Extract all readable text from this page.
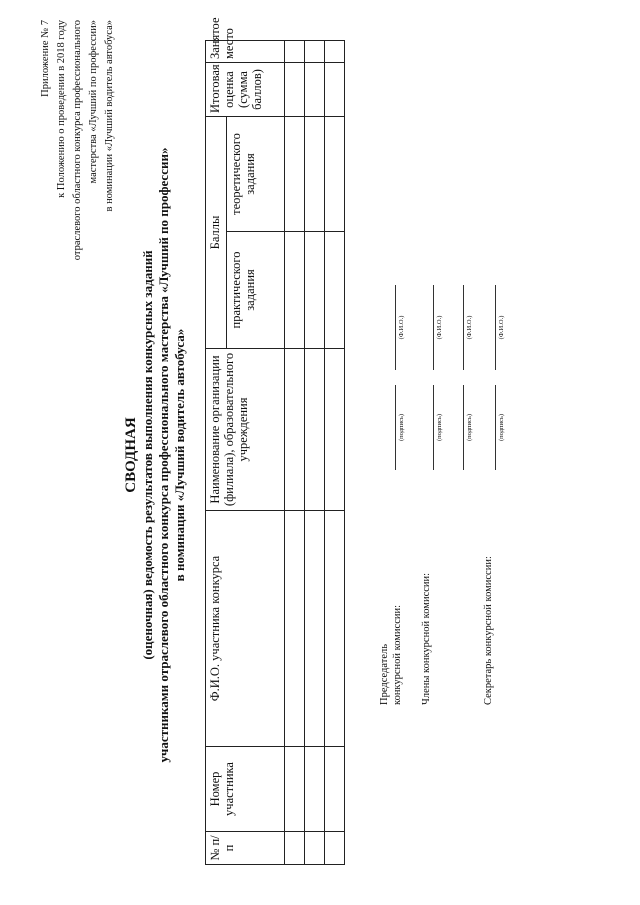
Приложение № 7 к Положению о проведении в 2018 году отраслевого областного конкурса профессионального мастерства «Лучший по профессии» в номинации «Лучший водитель автобуса»
СВОДНАЯ (оценочная) ведомость результатов выполнения конкурсных заданий участниками отраслевого областного конкурса профессионального мастерства «Лучший по профессии» в номинации «Лучший водитель автобуса»
№ п/п	Номер участника	Ф.И.О. участника конкурса	Наименование организации (филиала), образовательного учреждения	Баллы		Итоговая оценка (сумма баллов)	Занятое место
				практического задания	теоретического задания		

Председатель конкурсной комиссии:
(подпись)
(Ф.И.О.)
Члены конкурсной комиссии:
(подпись)
(Ф.И.О.)
(подпись)
(Ф.И.О.)
Секретарь конкурсной комиссии:
(подпись)
(Ф.И.О.)
